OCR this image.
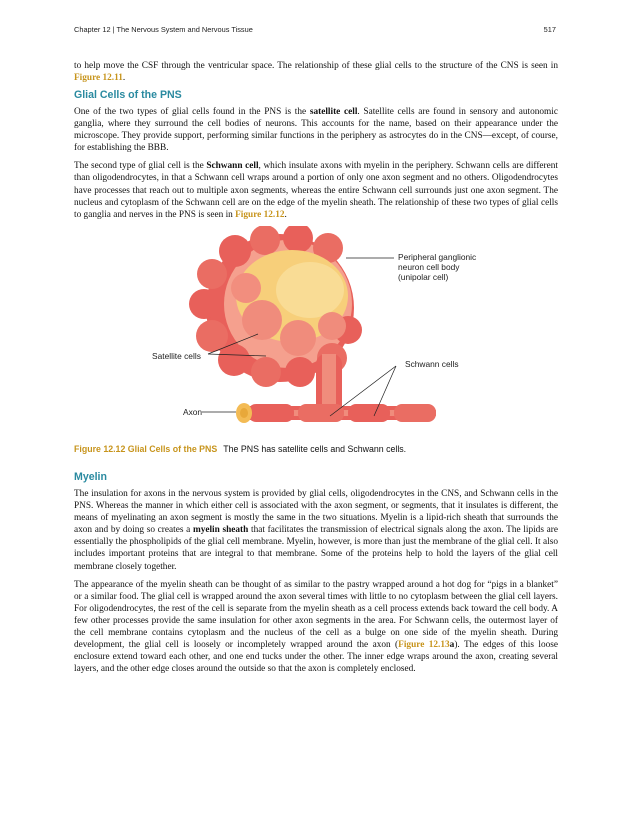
Chapter 12 | The Nervous System and Nervous Tissue	517

to help move the CSF through the ventricular space. The relationship of these glial cells to the structure of the CNS is seen in Figure 12.11.

Glial Cells of the PNS

One of the two types of glial cells found in the PNS is the satellite cell. Satellite cells are found in sensory and autonomic ganglia, where they surround the cell bodies of neurons. This accounts for the name, based on their appearance under the microscope. They provide support, performing similar functions in the periphery as astrocytes do in the CNS—except, of course, for establishing the BBB.

The second type of glial cell is the Schwann cell, which insulate axons with myelin in the periphery. Schwann cells are different than oligodendrocytes, in that a Schwann cell wraps around a portion of only one axon segment and no others. Oligodendrocytes have processes that reach out to multiple axon segments, whereas the entire Schwann cell surrounds just one axon segment. The nucleus and cytoplasm of the Schwann cell are on the edge of the myelin sheath. The relationship of these two types of glial cells to ganglia and nerves in the PNS is seen in Figure 12.12.

Peripheral ganglionic
neuron cell body
(unipolar cell)
Satellite cells
Schwann cells
Axon
Figure 12.12 Glial Cells of the PNS The PNS has satellite cells and Schwann cells.
Myelin

The insulation for axons in the nervous system is provided by glial cells, oligodendrocytes in the CNS, and Schwann cells in the PNS. Whereas the manner in which either cell is associated with the axon segment, or segments, that it insulates is different, the means of myelinating an axon segment is mostly the same in the two situations. Myelin is a lipid-rich sheath that surrounds the axon and by doing so creates a myelin sheath that facilitates the transmission of electrical signals along the axon. The lipids are essentially the phospholipids of the glial cell membrane. Myelin, however, is more than just the membrane of the glial cell. It also includes important proteins that are integral to that membrane. Some of the proteins help to hold the layers of the glial cell membrane closely together.

The appearance of the myelin sheath can be thought of as similar to the pastry wrapped around a hot dog for “pigs in a blanket” or a similar food. The glial cell is wrapped around the axon several times with little to no cytoplasm between the glial cell layers. For oligodendrocytes, the rest of the cell is separate from the myelin sheath as a cell process extends back toward the cell body. A few other processes provide the same insulation for other axon segments in the area. For Schwann cells, the outermost layer of the cell membrane contains cytoplasm and the nucleus of the cell as a bulge on one side of the myelin sheath. During development, the glial cell is loosely or incompletely wrapped around the axon (Figure 12.13a). The edges of this loose enclosure extend toward each other, and one end tucks under the other. The inner edge wraps around the axon, creating several layers, and the other edge closes around the outside so that the axon is completely enclosed.
